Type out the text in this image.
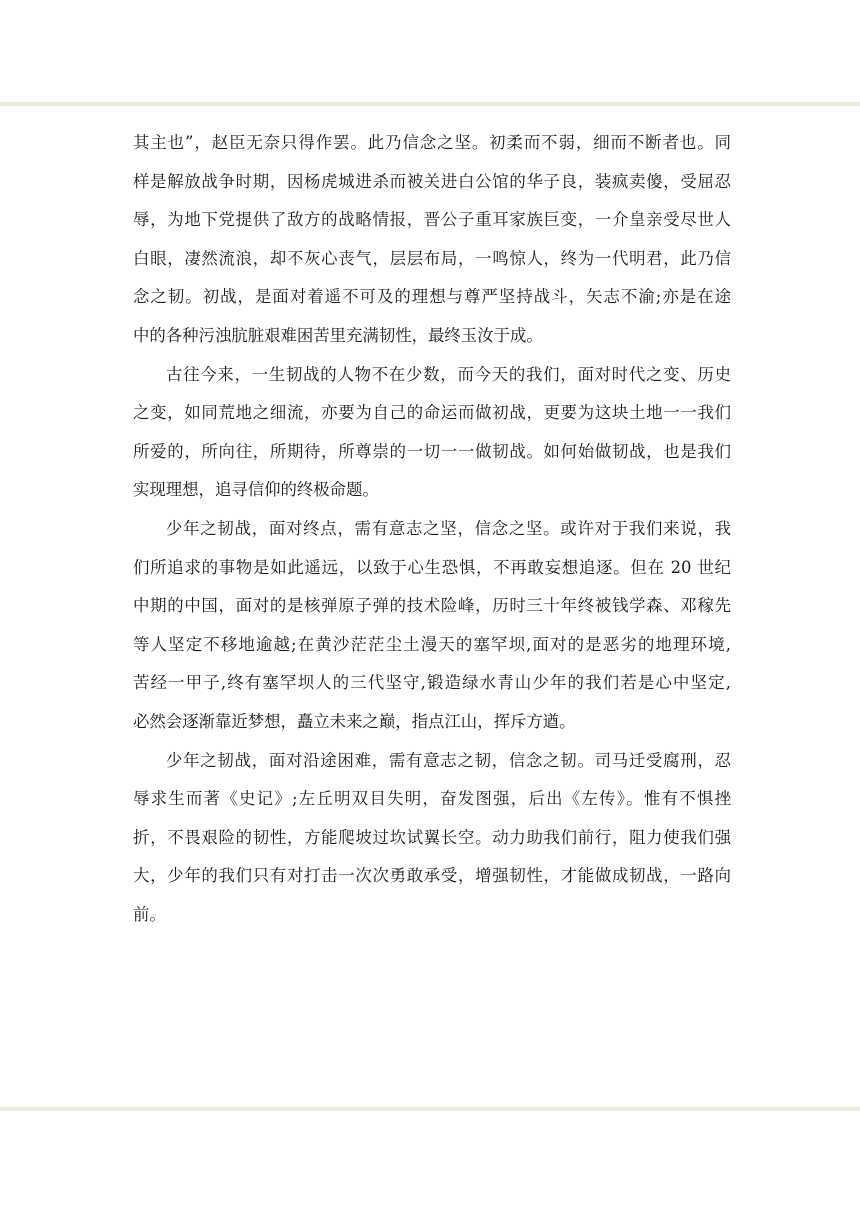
其主也”，赵臣无奈只得作罢。此乃信念之坚。初柔而不弱，细而不断者也。同
样是解放战争时期，因杨虎城进杀而被关进白公馆的华子良，装疯卖傻，受屈忍
辱，为地下党提供了敌方的战略情报，晋公子重耳家族巨变，一介皇亲受尽世人
白眼，凄然流浪，却不灰心丧气，层层布局，一鸣惊人，终为一代明君，此乃信
念之韧。初战，是面对着遥不可及的理想与尊严坚持战斗，矢志不渝;亦是在途
中的各种污浊肮脏艰难困苦里充满韧性，最终玉汝于成。
古往今来，一生韧战的人物不在少数，而今天的我们，面对时代之变、历史
之变，如同荒地之细流，亦要为自己的命运而做初战，更要为这块土地一一我们
所爱的，所向往，所期待，所尊崇的一切一一做韧战。如何始做韧战，也是我们
实现理想，追寻信仰的终极命题。
少年之韧战，面对终点，需有意志之坚，信念之坚。或许对于我们来说，我
们所追求的事物是如此遥远，以致于心生恐惧，不再敢妄想追逐。但在 20 世纪
中期的中国，面对的是核弹原子弹的技术险峰，历时三十年终被钱学森、邓稼先
等人坚定不移地逾越;在黄沙茫茫尘土漫天的塞罕坝,面对的是恶劣的地理环境,
苦经一甲子,终有塞罕坝人的三代坚守,锻造绿水青山少年的我们若是心中坚定,
必然会逐渐靠近梦想，矗立未来之巅，指点江山，挥斥方遒。
少年之韧战，面对沿途困难，需有意志之韧，信念之韧。司马迁受腐刑，忍
辱求生而著《史记》;左丘明双目失明，奋发图强，后出《左传》。惟有不惧挫
折，不畏艰险的韧性，方能爬坡过坎试翼长空。动力助我们前行，阻力使我们强
大，少年的我们只有对打击一次次勇敢承受，增强韧性，才能做成韧战，一路向
前。
